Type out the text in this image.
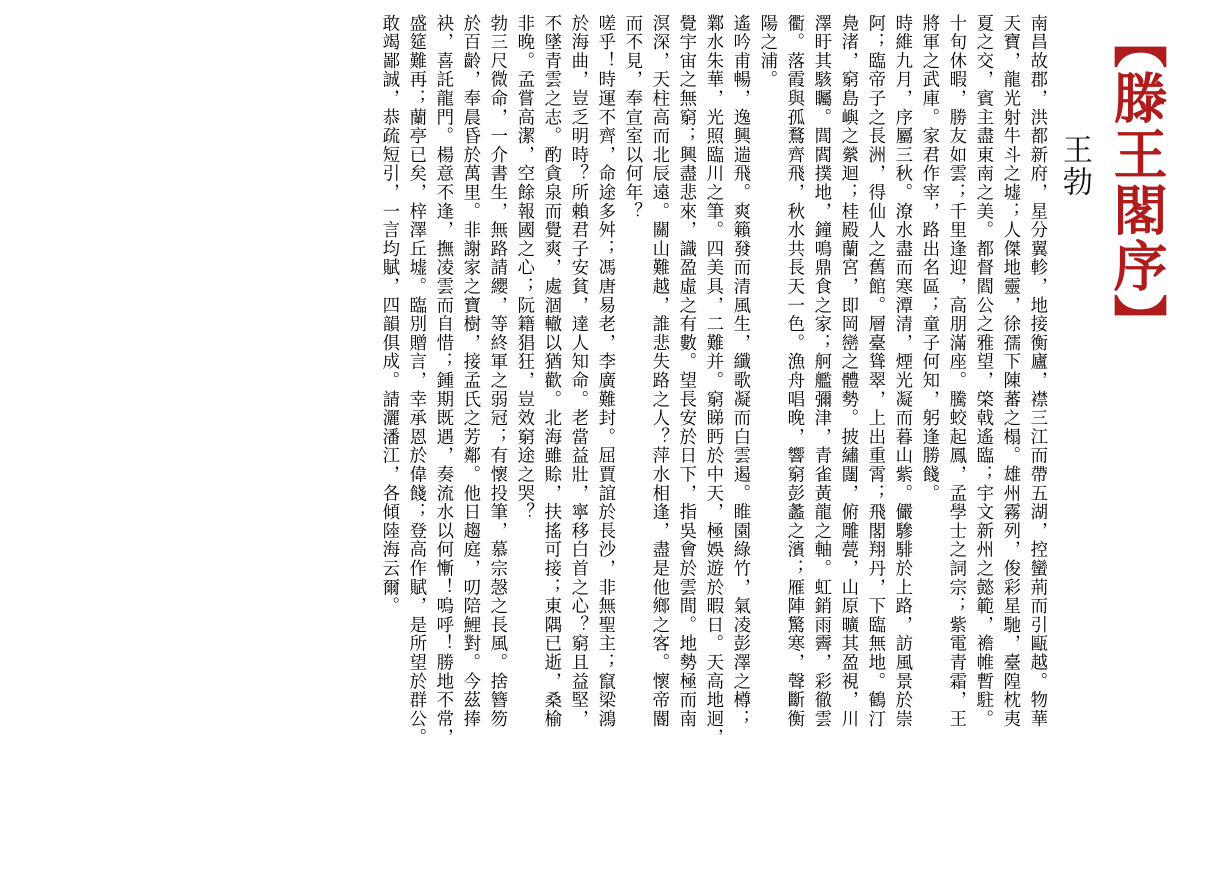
【滕王閣序】
王勃
南昌故郡，洪都新府，星分翼軫，地接衡廬，襟三江而帶五湖，控蠻荊而引甌越。物華
天寶，龍光射牛斗之墟；人傑地靈，徐孺下陳蕃之榻。雄州霧列，俊彩星馳，臺隍枕夷
夏之交，賓主盡東南之美。都督閻公之雅望，棨戟遙臨；宇文新州之懿範，襜帷暫駐。
十旬休暇，勝友如雲；千里逢迎，高朋滿座。騰蛟起鳳，孟學士之詞宗；紫電青霜，王
將軍之武庫。家君作宰，路出名區；童子何知，躬逢勝餞。
時維九月，序屬三秋。潦水盡而寒潭清，煙光凝而暮山紫。儼驂騑於上路，訪風景於崇
阿；臨帝子之長洲，得仙人之舊館。層臺聳翠，上出重霄；飛閣翔丹，下臨無地。鶴汀
鳧渚，窮島嶼之縈迴；桂殿蘭宮，即岡巒之體勢。披繡闥，俯雕甍，山原曠其盈視，川
澤盱其駭矚。閭閻撲地，鐘鳴鼎食之家；舸艦彌津，青雀黃龍之軸。虹銷雨霽，彩徹雲
衢。落霞與孤鶩齊飛，秋水共長天一色。漁舟唱晚，響窮彭蠡之濱；雁陣驚寒，聲斷衡
陽之浦。
遙吟甫暢，逸興遄飛。爽籟發而清風生，纖歌凝而白雲遏。睢園綠竹，氣凌彭澤之樽；
鄴水朱華，光照臨川之筆。四美具，二難并。窮睇眄於中天，極娛遊於暇日。天高地迥，
覺宇宙之無窮；興盡悲來，識盈虛之有數。望長安於日下，指吳會於雲間。地勢極而南
溟深，天柱高而北辰遠。關山難越，誰悲失路之人？萍水相逢，盡是他鄉之客。懷帝閽
而不見，奉宣室以何年？
嗟乎！時運不齊，命途多舛；馮唐易老，李廣難封。屈賈誼於長沙，非無聖主；竄梁鴻
於海曲，豈乏明時？所賴君子安貧，達人知命。老當益壯，寧移白首之心？窮且益堅，
不墜青雲之志。酌貪泉而覺爽，處涸轍以猶歡。北海雖賒，扶搖可接；東隅已逝，桑榆
非晚。孟嘗高潔，空餘報國之心；阮籍猖狂，豈效窮途之哭？
勃三尺微命，一介書生，無路請纓，等終軍之弱冠；有懷投筆，慕宗愨之長風。捨簪笏
於百齡，奉晨昏於萬里。非謝家之寶樹，接孟氏之芳鄰。他日趨庭，叨陪鯉對。今茲捧
袂，喜託龍門。楊意不逢，撫凌雲而自惜；鍾期既遇，奏流水以何慚！嗚呼！勝地不常，
盛筵難再；蘭亭已矣，梓澤丘墟。臨別贈言，幸承恩於偉餞；登高作賦，是所望於群公。
敢竭鄙誠，恭疏短引，一言均賦，四韻俱成。請灑潘江，各傾陸海云爾。
